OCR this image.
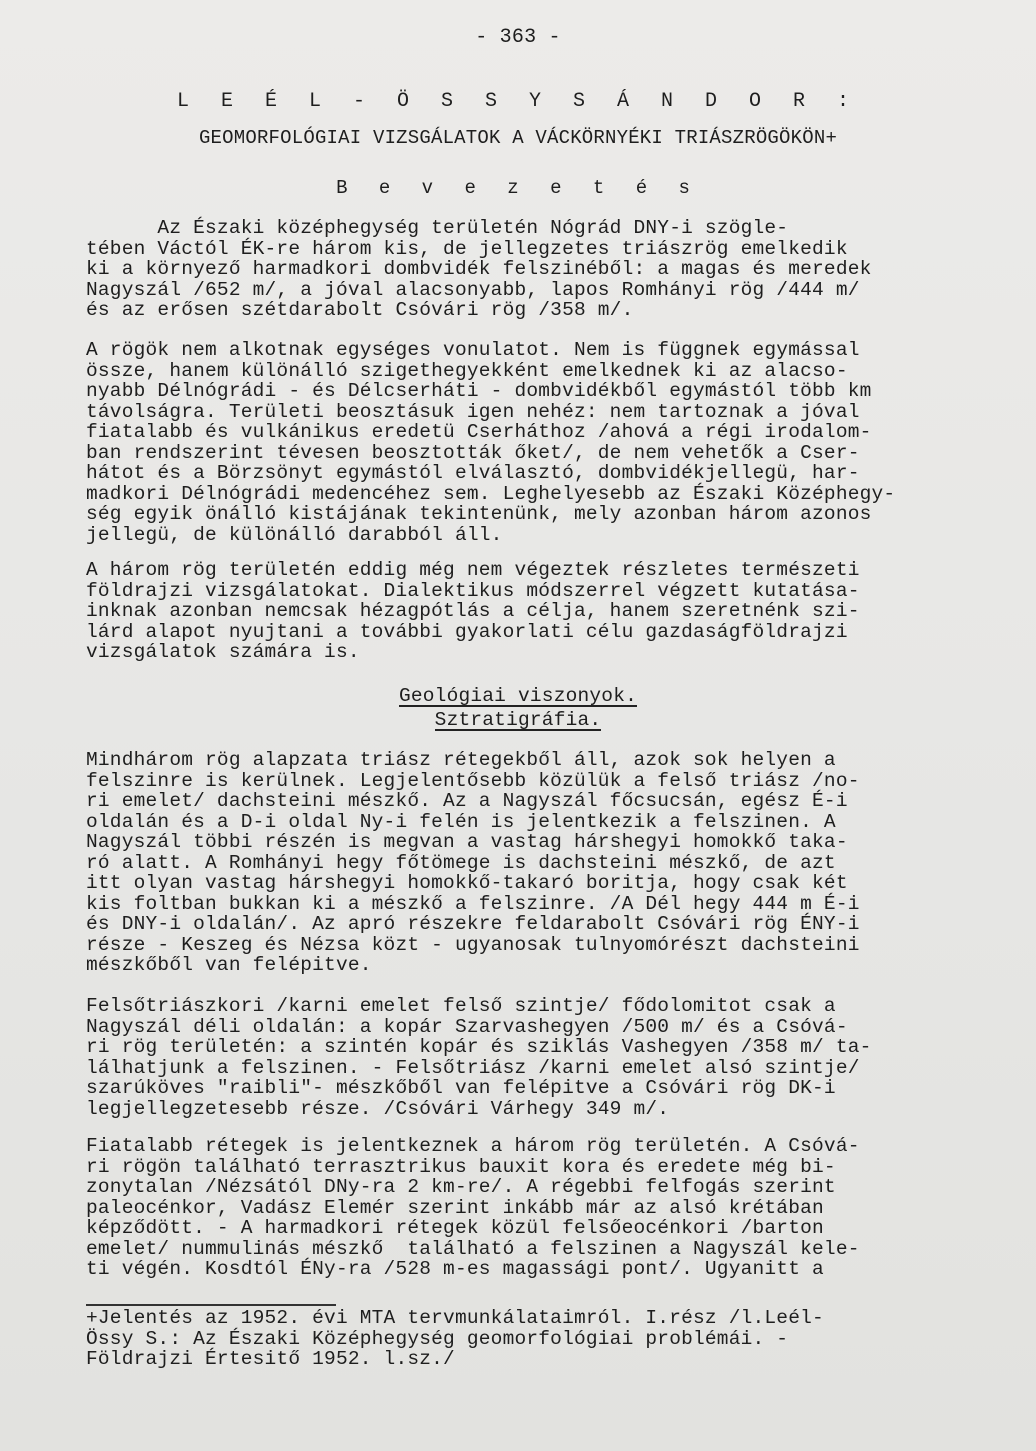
- 363 -
L E É L - Ö S S Y S Á N D O R :
GEOMORFOLÓGIAI VIZSGÁLATOK A VÁCKÖRNYÉKI TRIÁSZRÖGÖKÖN+
B e v e z e t é s
Az Északi középhegység területén Nógrád DNY-i szögle-
tében Váctól ÉK-re három kis, de jellegzetes triászrög emelkedik
ki a környező harmadkori dombvidék felszinéből: a magas és meredek
Nagyszál /652 m/, a jóval alacsonyabb, lapos Romhányi rög /444 m/
és az erősen szétdarabolt Csóvári rög /358 m/.
A rögök nem alkotnak egységes vonulatot. Nem is függnek egymással
össze, hanem különálló szigethegyekként emelkednek ki az alacso-
nyabb Délnógrádi - és Délcserháti - dombvidékből egymástól több km
távolságra. Területi beosztásuk igen nehéz: nem tartoznak a jóval
fiatalabb és vulkánikus eredetü Cserháthoz /ahová a régi irodalom-
ban rendszerint tévesen beosztották őket/, de nem vehetők a Cser-
hátot és a Börzsönyt egymástól elválasztó, dombvidékjellegü, har-
madkori Délnógrádi medencéhez sem. Leghelyesebb az Északi Középhegy-
ség egyik önálló kistájának tekintenünk, mely azonban három azonos
jellegü, de különálló darabból áll.
A három rög területén eddig még nem végeztek részletes természeti
földrajzi vizsgálatokat. Dialektikus módszerrel végzett kutatása-
inknak azonban nemcsak hézagpótlás a célja, hanem szeretnénk szi-
lárd alapot nyujtani a további gyakorlati célu gazdaságföldrajzi
vizsgálatok számára is.
Geológiai viszonyok.
Sztratigráfia.
Mindhárom rög alapzata triász rétegekből áll, azok sok helyen a
felszinre is kerülnek. Legjelentősebb közülük a felső triász /no-
ri emelet/ dachsteini mészkő. Az a Nagyszál főcsucsán, egész É-i
oldalán és a D-i oldal Ny-i felén is jelentkezik a felszinen. A
Nagyszál többi részén is megvan a vastag hárshegyi homokkő taka-
ró alatt. A Romhányi hegy főtömege is dachsteini mészkő, de azt
itt olyan vastag hárshegyi homokkő-takaró boritja, hogy csak két
kis foltban bukkan ki a mészkő a felszinre. /A Dél hegy 444 m É-i
és DNY-i oldalán/. Az apró részekre feldarabolt Csóvári rög ÉNY-i
része - Keszeg és Nézsa közt - ugyanosak tulnyomórészt dachsteini
mészkőből van felépitve.
Felsőtriászkori /karni emelet felső szintje/ fődolomitot csak a
Nagyszál déli oldalán: a kopár Szarvashegyen /500 m/ és a Csóvá-
ri rög területén: a szintén kopár és sziklás Vashegyen /358 m/ ta-
lálhatjunk a felszinen. - Felsőtriász /karni emelet alsó szintje/
szarúköves "raibli"- mészkőből van felépitve a Csóvári rög DK-i
legjellegzetesebb része. /Csóvári Várhegy 349 m/.
Fiatalabb rétegek is jelentkeznek a három rög területén. A Csóvá-
ri rögön található terrasztrikus bauxit kora és eredete még bi-
zonytalan /Nézsától DNy-ra 2 km-re/. A régebbi felfogás szerint
paleocénkor, Vadász Elemér szerint inkább már az alsó krétában
képződött. - A harmadkori rétegek közül felsőeocénkori /barton
emelet/ nummulinás mészkő  található a felszinen a Nagyszál kele-
ti végén. Kosdtól ÉNy-ra /528 m-es magassági pont/. Ugyanitt a
+Jelentés az 1952. évi MTA tervmunkálataimról. I.rész /l.Leél-
Össy S.: Az Északi Középhegység geomorfológiai problémái. -
Földrajzi Értesitő 1952. l.sz./
